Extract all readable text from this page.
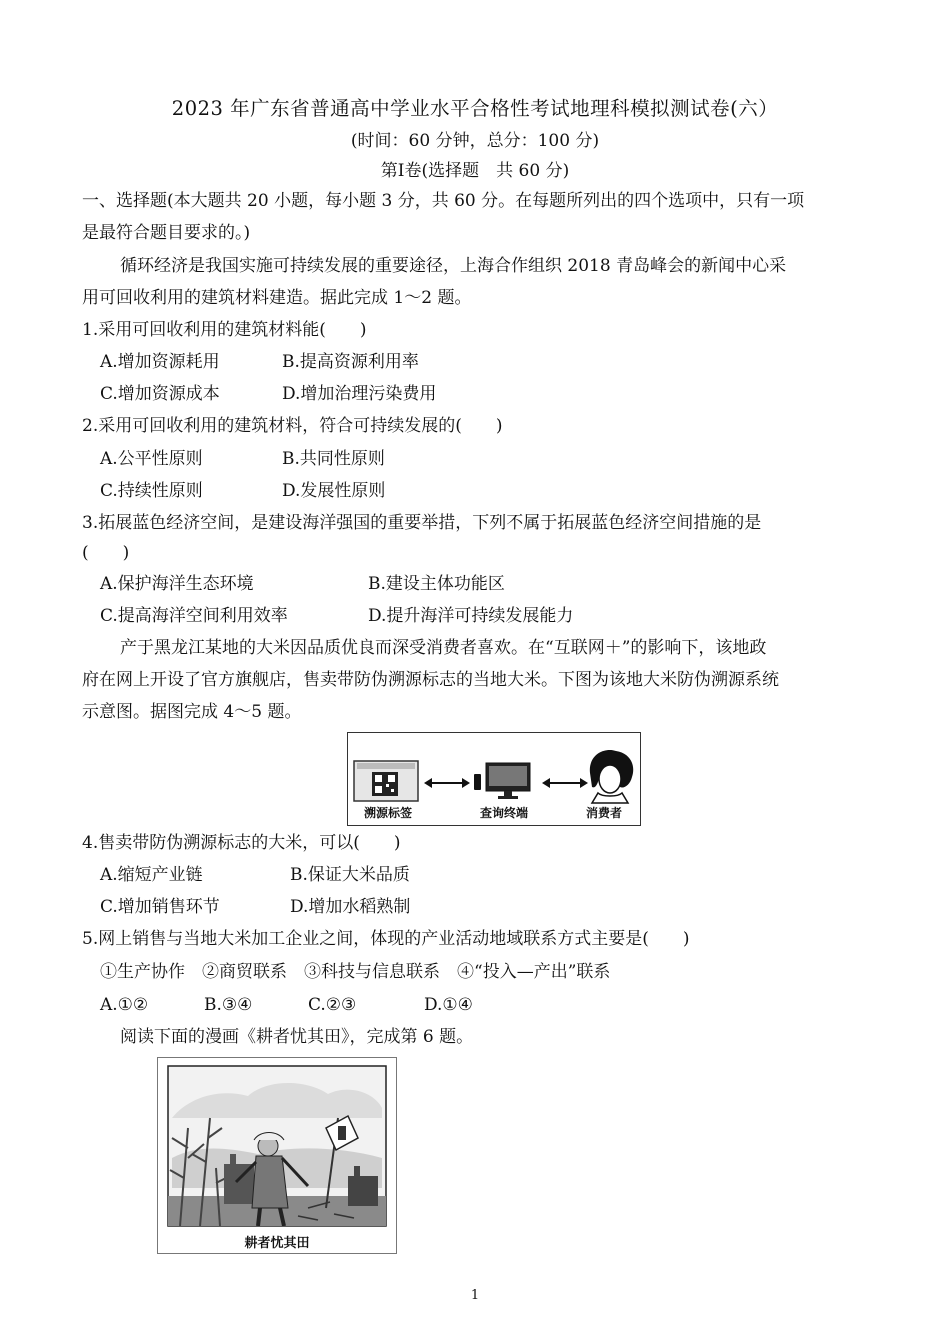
2023 年广东省普通高中学业水平合格性考试地理科模拟测试卷(六）
(时间：60 分钟，总分：100 分)
第Ⅰ卷(选择题　共 60 分)
一、选择题(本大题共 20 小题，每小题 3 分，共 60 分。在每题所列出的四个选项中，只有一项
是最符合题目要求的。)
循环经济是我国实施可持续发展的重要途径，上海合作组织 2018 青岛峰会的新闻中心采
用可回收利用的建筑材料建造。据此完成 1～2 题。
1.采用可回收利用的建筑材料能(　　)
A.增加资源耗用	B.提高资源利用率
C.增加资源成本	D.增加治理污染费用
2.采用可回收利用的建筑材料，符合可持续发展的(　　)
A.公平性原则	B.共同性原则
C.持续性原则	D.发展性原则
3.拓展蓝色经济空间，是建设海洋强国的重要举措，下列不属于拓展蓝色经济空间措施的是
(　　)
A.保护海洋生态环境	B.建设主体功能区
C.提高海洋空间利用效率	D.提升海洋可持续发展能力
产于黑龙江某地的大米因品质优良而深受消费者喜欢。在“互联网＋”的影响下，该地政
府在网上开设了官方旗舰店，售卖带防伪溯源标志的当地大米。下图为该地大米防伪溯源系统
示意图。据图完成 4～5 题。
溯源标签	查询终端	消费者
4.售卖带防伪溯源标志的大米，可以(　　)
A.缩短产业链	B.保证大米品质
C.增加销售环节	D.增加水稻熟制
5.网上销售与当地大米加工企业之间，体现的产业活动地域联系方式主要是(　　)
①生产协作　②商贸联系　③科技与信息联系　④“投入—产出”联系
A.①②	B.③④	C.②③	D.①④
阅读下面的漫画《耕者忧其田》，完成第 6 题。
耕者忧其田
1
